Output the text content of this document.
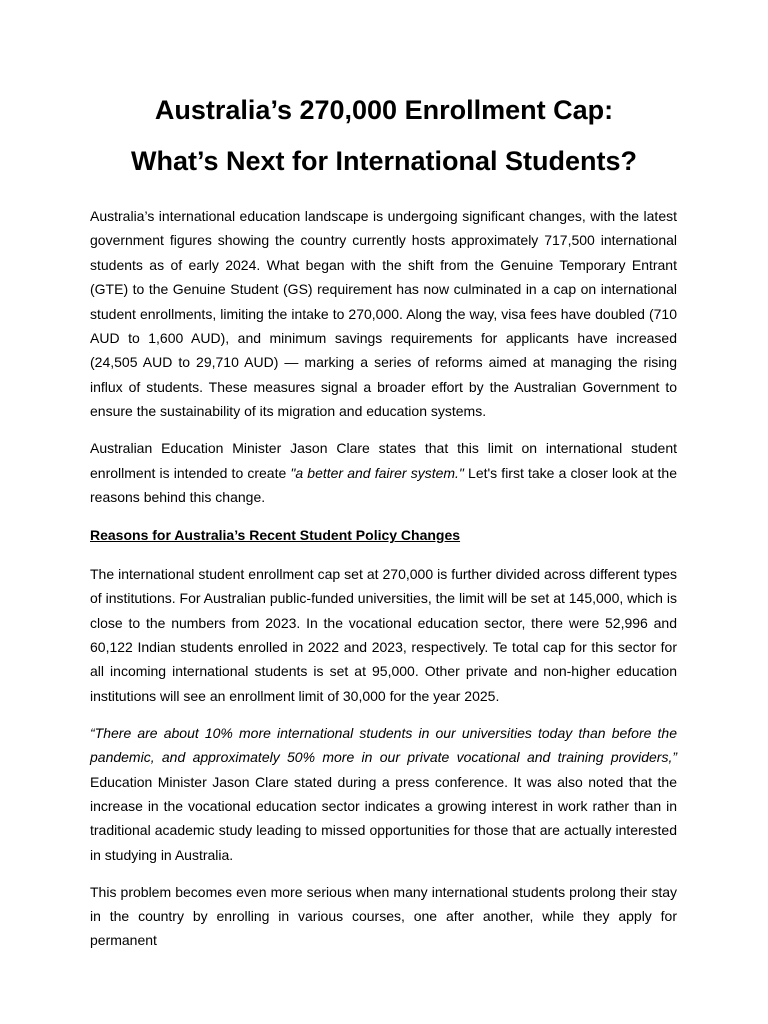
Australia’s 270,000 Enrollment Cap:
What’s Next for International Students?

Australia’s international education landscape is undergoing significant changes, with the latest government figures showing the country currently hosts approximately 717,500 international students as of early 2024. What began with the shift from the Genuine Temporary Entrant (GTE) to the Genuine Student (GS) requirement has now culminated in a cap on international student enrollments, limiting the intake to 270,000. Along the way, visa fees have doubled (710 AUD to 1,600 AUD), and minimum savings requirements for applicants have increased (24,505 AUD to 29,710 AUD) — marking a series of reforms aimed at managing the rising influx of students. These measures signal a broader effort by the Australian Government to ensure the sustainability of its migration and education systems.

Australian Education Minister Jason Clare states that this limit on international student enrollment is intended to create "a better and fairer system." Let's first take a closer look at the reasons behind this change.

Reasons for Australia’s Recent Student Policy Changes

The international student enrollment cap set at 270,000 is further divided across different types of institutions. For Australian public-funded universities, the limit will be set at 145,000, which is close to the numbers from 2023. In the vocational education sector, there were 52,996 and 60,122 Indian students enrolled in 2022 and 2023, respectively. Te total cap for this sector for all incoming international students is set at 95,000. Other private and non-higher education institutions will see an enrollment limit of 30,000 for the year 2025.

“There are about 10% more international students in our universities today than before the pandemic, and approximately 50% more in our private vocational and training providers,” Education Minister Jason Clare stated during a press conference. It was also noted that the increase in the vocational education sector indicates a growing interest in work rather than in traditional academic study leading to missed opportunities for those that are actually interested in studying in Australia.

This problem becomes even more serious when many international students prolong their stay in the country by enrolling in various courses, one after another, while they apply for permanent
